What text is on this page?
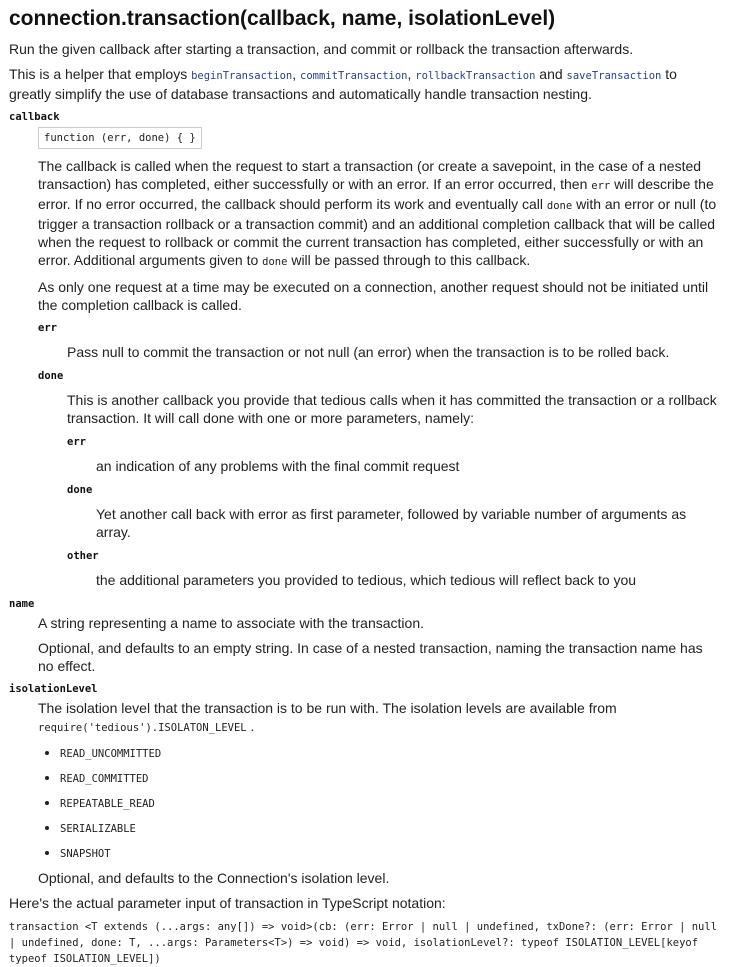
connection.transaction(callback, name, isolationLevel)

Run the given callback after starting a transaction, and commit or rollback the transaction afterwards.

This is a helper that employs beginTransaction, commitTransaction, rollbackTransaction and saveTransaction to greatly simplify the use of database transactions and automatically handle transaction nesting.

callback
function (err, done) { }

The callback is called when the request to start a transaction (or create a savepoint, in the case of a nested transaction) has completed, either successfully or with an error. If an error occurred, then err will describe the error. If no error occurred, the callback should perform its work and eventually call done with an error or null (to trigger a transaction rollback or a transaction commit) and an additional completion callback that will be called when the request to rollback or commit the current transaction has completed, either successfully or with an error. Additional arguments given to done will be passed through to this callback.

As only one request at a time may be executed on a connection, another request should not be initiated until the completion callback is called.

err

Pass null to commit the transaction or not null (an error) when the transaction is to be rolled back.

done

This is another callback you provide that tedious calls when it has committed the transaction or a rollback transaction. It will call done with one or more parameters, namely:

err

an indication of any problems with the final commit request

done

Yet another call back with error as first parameter, followed by variable number of arguments as array.

other

the additional parameters you provided to tedious, which tedious will reflect back to you

name

A string representing a name to associate with the transaction.

Optional, and defaults to an empty string. In case of a nested transaction, naming the transaction name has no effect.

isolationLevel

The isolation level that the transaction is to be run with. The isolation levels are available from
require('tedious').ISOLATON_LEVEL .

• READ_UNCOMMITTED
• READ_COMMITTED
• REPEATABLE_READ
• SERIALIZABLE
• SNAPSHOT

Optional, and defaults to the Connection's isolation level.

Here's the actual parameter input of transaction in TypeScript notation:

transaction <T extends (...args: any[]) => void>(cb: (err: Error | null | undefined, txDone?: (err: Error | null | undefined, done: T, ...args: Parameters<T>) => void) => void, isolationLevel?: typeof ISOLATION_LEVEL[keyof typeof ISOLATION_LEVEL])
